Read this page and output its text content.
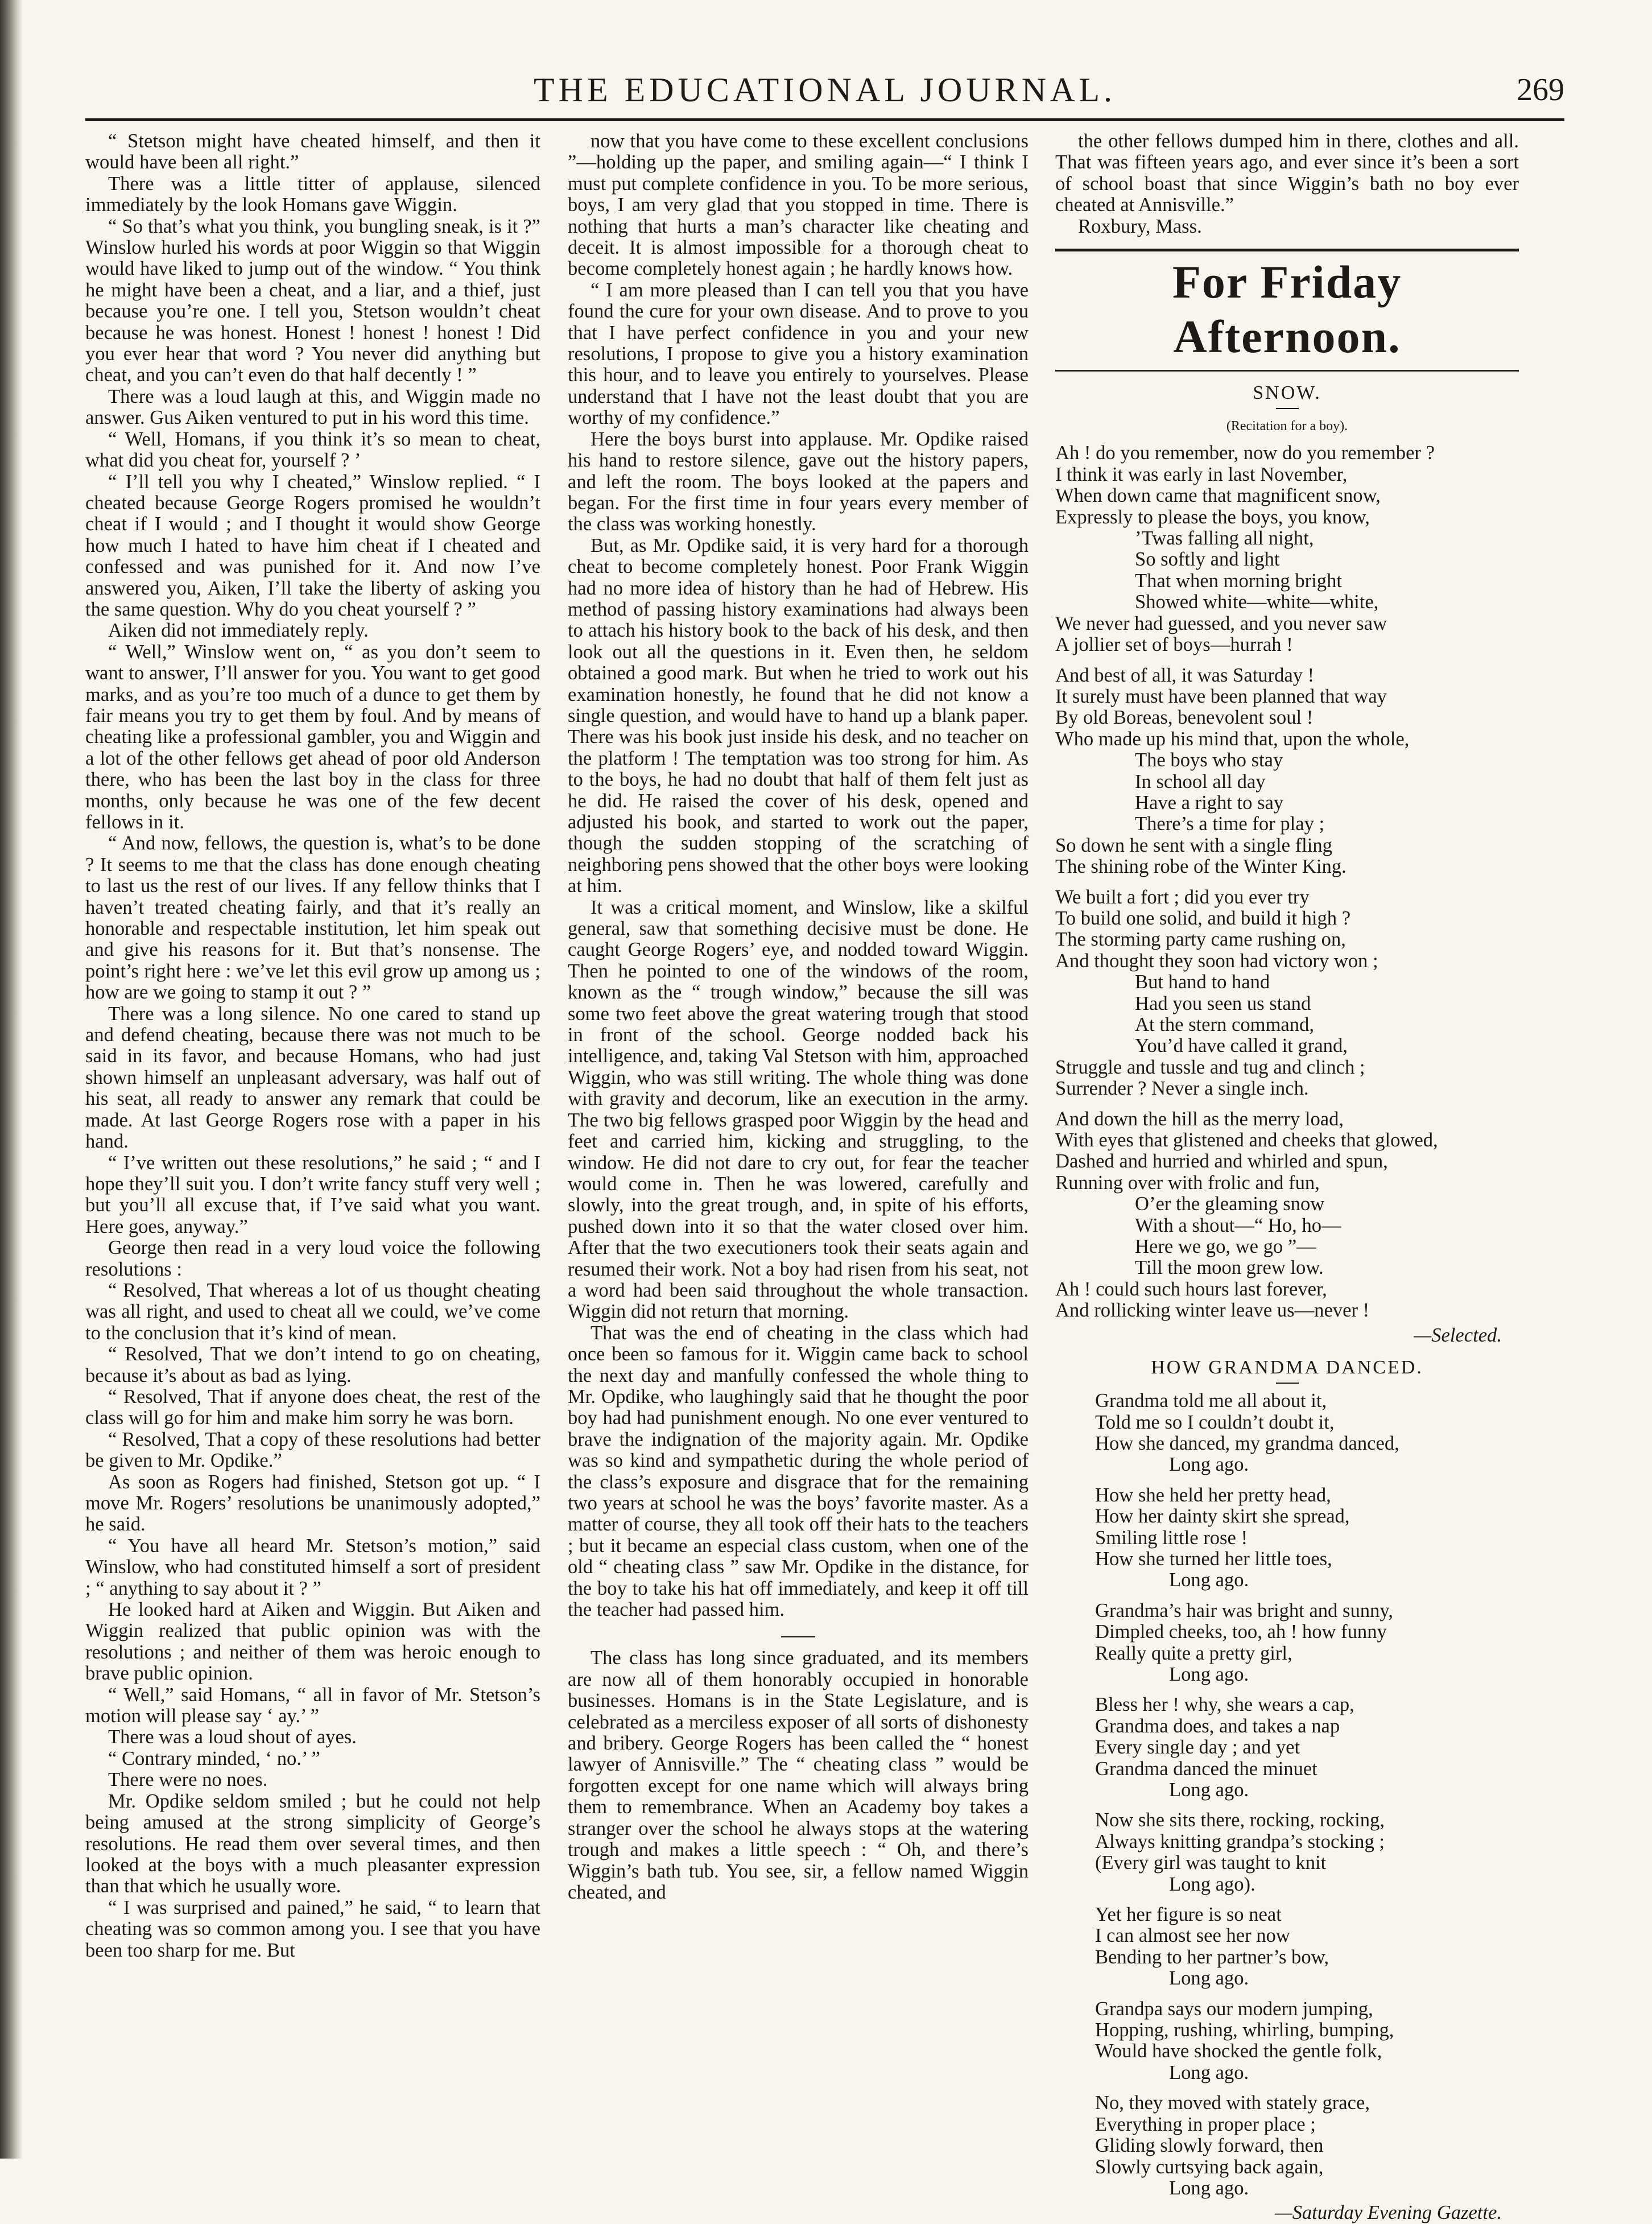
THE EDUCATIONAL JOURNAL.	269

“ Stetson might have cheated himself, and then it would have been all right.”

There was a little titter of applause, silenced immediately by the look Homans gave Wiggin.

“ So that’s what you think, you bungling sneak, is it ?” Winslow hurled his words at poor Wiggin so that Wiggin would have liked to jump out of the window. “ You think he might have been a cheat, and a liar, and a thief, just because you’re one. I tell you, Stetson wouldn’t cheat because he was honest. Honest ! honest ! honest ! Did you ever hear that word ? You never did anything but cheat, and you can’t even do that half decently ! ”

There was a loud laugh at this, and Wiggin made no answer. Gus Aiken ventured to put in his word this time.

“ Well, Homans, if you think it’s so mean to cheat, what did you cheat for, yourself ? ’

“ I’ll tell you why I cheated,” Winslow replied. “ I cheated because George Rogers promised he wouldn’t cheat if I would ; and I thought it would show George how much I hated to have him cheat if I cheated and confessed and was punished for it. And now I’ve answered you, Aiken, I’ll take the liberty of asking you the same question. Why do you cheat yourself ? ”

Aiken did not immediately reply.

“ Well,” Winslow went on, “ as you don’t seem to want to answer, I’ll answer for you. You want to get good marks, and as you’re too much of a dunce to get them by fair means you try to get them by foul. And by means of cheating like a professional gambler, you and Wiggin and a lot of the other fellows get ahead of poor old Anderson there, who has been the last boy in the class for three months, only because he was one of the few decent fellows in it.

“ And now, fellows, the question is, what’s to be done ? It seems to me that the class has done enough cheating to last us the rest of our lives. If any fellow thinks that I haven’t treated cheating fairly, and that it’s really an honorable and respectable institution, let him speak out and give his reasons for it. But that’s nonsense. The point’s right here : we’ve let this evil grow up among us ; how are we going to stamp it out ? ”

There was a long silence. No one cared to stand up and defend cheating, because there was not much to be said in its favor, and because Homans, who had just shown himself an unpleasant adversary, was half out of his seat, all ready to answer any remark that could be made. At last George Rogers rose with a paper in his hand.

“ I’ve written out these resolutions,” he said ; “ and I hope they’ll suit you. I don’t write fancy stuff very well ; but you’ll all excuse that, if I’ve said what you want. Here goes, anyway.”

George then read in a very loud voice the following resolutions :

“ Resolved, That whereas a lot of us thought cheating was all right, and used to cheat all we could, we’ve come to the conclusion that it’s kind of mean.

“ Resolved, That we don’t intend to go on cheating, because it’s about as bad as lying.

“ Resolved, That if anyone does cheat, the rest of the class will go for him and make him sorry he was born.

“ Resolved, That a copy of these resolutions had better be given to Mr. Opdike.”

As soon as Rogers had finished, Stetson got up. “ I move Mr. Rogers’ resolutions be unanimously adopted,” he said.

“ You have all heard Mr. Stetson’s motion,” said Winslow, who had constituted himself a sort of president ; “ anything to say about it ? ”

He looked hard at Aiken and Wiggin. But Aiken and Wiggin realized that public opinion was with the resolutions ; and neither of them was heroic enough to brave public opinion.

“ Well,” said Homans, “ all in favor of Mr. Stetson’s motion will please say ‘ ay.’ ”

There was a loud shout of ayes.

“ Contrary minded, ‘ no.’ ”

There were no noes.

Mr. Opdike seldom smiled ; but he could not help being amused at the strong simplicity of George’s resolutions. He read them over several times, and then looked at the boys with a much pleasanter expression than that which he usually wore.

“ I was surprised and pained,” he said, “ to learn that cheating was so common among you. I see that you have been too sharp for me. But

now that you have come to these excellent conclusions ”—holding up the paper, and smiling again—“ I think I must put complete confidence in you. To be more serious, boys, I am very glad that you stopped in time. There is nothing that hurts a man’s character like cheating and deceit. It is almost impossible for a thorough cheat to become completely honest again ; he hardly knows how.

“ I am more pleased than I can tell you that you have found the cure for your own disease. And to prove to you that I have perfect confidence in you and your new resolutions, I propose to give you a history examination this hour, and to leave you entirely to yourselves. Please understand that I have not the least doubt that you are worthy of my confidence.”

Here the boys burst into applause. Mr. Opdike raised his hand to restore silence, gave out the history papers, and left the room. The boys looked at the papers and began. For the first time in four years every member of the class was working honestly.

But, as Mr. Opdike said, it is very hard for a thorough cheat to become completely honest. Poor Frank Wiggin had no more idea of history than he had of Hebrew. His method of passing history examinations had always been to attach his history book to the back of his desk, and then look out all the questions in it. Even then, he seldom obtained a good mark. But when he tried to work out his examination honestly, he found that he did not know a single question, and would have to hand up a blank paper. There was his book just inside his desk, and no teacher on the platform ! The temptation was too strong for him. As to the boys, he had no doubt that half of them felt just as he did. He raised the cover of his desk, opened and adjusted his book, and started to work out the paper, though the sudden stopping of the scratching of neighboring pens showed that the other boys were looking at him.

It was a critical moment, and Winslow, like a skilful general, saw that something decisive must be done. He caught George Rogers’ eye, and nodded toward Wiggin. Then he pointed to one of the windows of the room, known as the “ trough window,” because the sill was some two feet above the great watering trough that stood in front of the school. George nodded back his intelligence, and, taking Val Stetson with him, approached Wiggin, who was still writing. The whole thing was done with gravity and decorum, like an execution in the army. The two big fellows grasped poor Wiggin by the head and feet and carried him, kicking and struggling, to the window. He did not dare to cry out, for fear the teacher would come in. Then he was lowered, carefully and slowly, into the great trough, and, in spite of his efforts, pushed down into it so that the water closed over him. After that the two executioners took their seats again and resumed their work. Not a boy had risen from his seat, not a word had been said throughout the whole transaction. Wiggin did not return that morning.

That was the end of cheating in the class which had once been so famous for it. Wiggin came back to school the next day and manfully confessed the whole thing to Mr. Opdike, who laughingly said that he thought the poor boy had had punishment enough. No one ever ventured to brave the indignation of the majority again. Mr. Opdike was so kind and sympathetic during the whole period of the class’s exposure and disgrace that for the remaining two years at school he was the boys’ favorite master. As a matter of course, they all took off their hats to the teachers ; but it became an especial class custom, when one of the old “ cheating class ” saw Mr. Opdike in the distance, for the boy to take his hat off immediately, and keep it off till the teacher had passed him.

The class has long since graduated, and its members are now all of them honorably occupied in honorable businesses. Homans is in the State Legislature, and is celebrated as a merciless exposer of all sorts of dishonesty and bribery. George Rogers has been called the “ honest lawyer of Annisville.” The “ cheating class ” would be forgotten except for one name which will always bring them to remembrance. When an Academy boy takes a stranger over the school he always stops at the watering trough and makes a little speech : “ Oh, and there’s Wiggin’s bath tub. You see, sir, a fellow named Wiggin cheated, and

the other fellows dumped him in there, clothes and all. That was fifteen years ago, and ever since it’s been a sort of school boast that since Wiggin’s bath no boy ever cheated at Annisville.”

Roxbury, Mass.

For Friday Afternoon.
SNOW.
(Recitation for a boy).
Ah ! do you remember, now do you remember ?
I think it was early in last November,
When down came that magnificent snow,
Expressly to please the boys, you know,
’Twas falling all night,
So softly and light
That when morning bright
Showed white—white—white,
We never had guessed, and you never saw
A jollier set of boys—hurrah !
And best of all, it was Saturday !
It surely must have been planned that way
By old Boreas, benevolent soul !
Who made up his mind that, upon the whole,
The boys who stay
In school all day
Have a right to say
There’s a time for play ;
So down he sent with a single fling
The shining robe of the Winter King.
We built a fort ; did you ever try
To build one solid, and build it high ?
The storming party came rushing on,
And thought they soon had victory won ;
But hand to hand
Had you seen us stand
At the stern command,
You’d have called it grand,
Struggle and tussle and tug and clinch ;
Surrender ? Never a single inch.
And down the hill as the merry load,
With eyes that glistened and cheeks that glowed,
Dashed and hurried and whirled and spun,
Running over with frolic and fun,
O’er the gleaming snow
With a shout—“ Ho, ho—
Here we go, we go ”—
Till the moon grew low.
Ah ! could such hours last forever,
And rollicking winter leave us—never !
—Selected.
HOW GRANDMA DANCED.
Grandma told me all about it,
Told me so I couldn’t doubt it,
How she danced, my grandma danced,
Long ago.
How she held her pretty head,
How her dainty skirt she spread,
Smiling little rose !
How she turned her little toes,
Long ago.
Grandma’s hair was bright and sunny,
Dimpled cheeks, too, ah ! how funny
Really quite a pretty girl,
Long ago.
Bless her ! why, she wears a cap,
Grandma does, and takes a nap
Every single day ; and yet
Grandma danced the minuet
Long ago.
Now she sits there, rocking, rocking,
Always knitting grandpa’s stocking ;
(Every girl was taught to knit
Long ago).
Yet her figure is so neat
I can almost see her now
Bending to her partner’s bow,
Long ago.
Grandpa says our modern jumping,
Hopping, rushing, whirling, bumping,
Would have shocked the gentle folk,
Long ago.
No, they moved with stately grace,
Everything in proper place ;
Gliding slowly forward, then
Slowly curtsying back again,
Long ago.
—Saturday Evening Gazette.
